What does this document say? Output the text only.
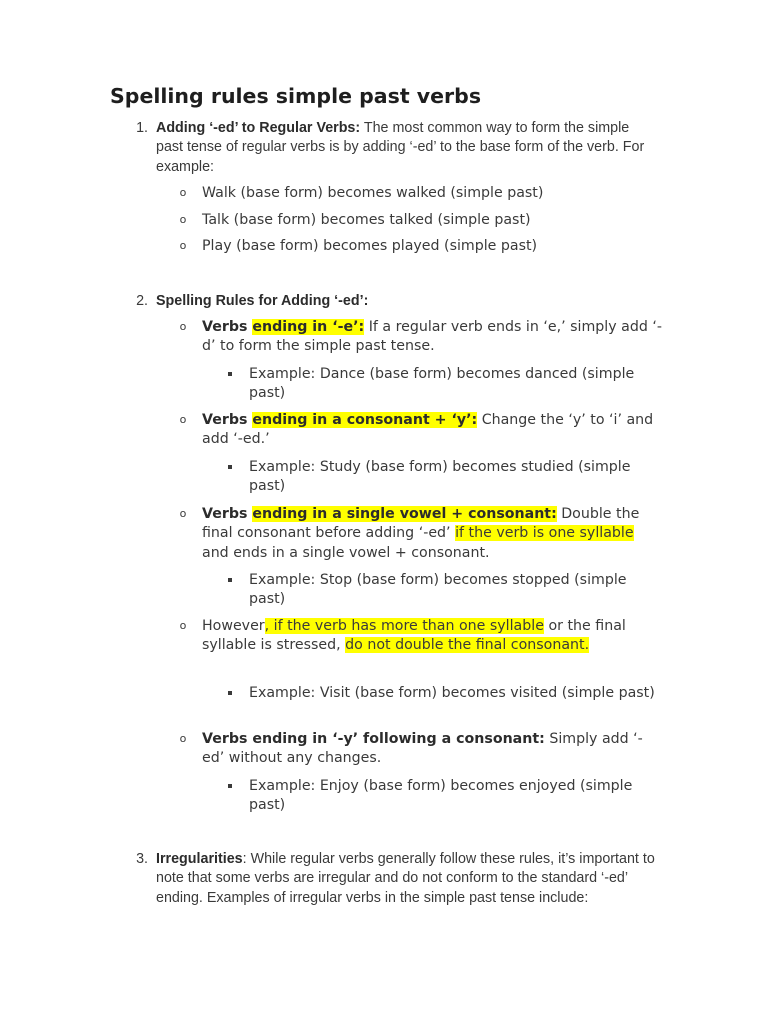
Spelling rules simple past verbs
1. Adding ‘-ed’ to Regular Verbs: The most common way to form the simple past tense of regular verbs is by adding ‘-ed’ to the base form of the verb. For example:
o Walk (base form) becomes walked (simple past)
o Talk (base form) becomes talked (simple past)
o Play (base form) becomes played (simple past)
2. Spelling Rules for Adding ‘-ed’:
o Verbs ending in ‘-e’: If a regular verb ends in ‘e,’ simply add ‘-d’ to form the simple past tense.
Example: Dance (base form) becomes danced (simple past)
o Verbs ending in a consonant + ‘y’: Change the ‘y’ to ‘i’ and add ‘-ed.’
Example: Study (base form) becomes studied (simple past)
o Verbs ending in a single vowel + consonant: Double the final consonant before adding ‘-ed’ if the verb is one syllable and ends in a single vowel + consonant.
Example: Stop (base form) becomes stopped (simple past)
o However, if the verb has more than one syllable or the final syllable is stressed, do not double the final consonant.
Example: Visit (base form) becomes visited (simple past)
o Verbs ending in ‘-y’ following a consonant: Simply add ‘-ed’ without any changes.
Example: Enjoy (base form) becomes enjoyed (simple past)
3. Irregularities: While regular verbs generally follow these rules, it’s important to note that some verbs are irregular and do not conform to the standard ‘-ed’ ending. Examples of irregular verbs in the simple past tense include:
